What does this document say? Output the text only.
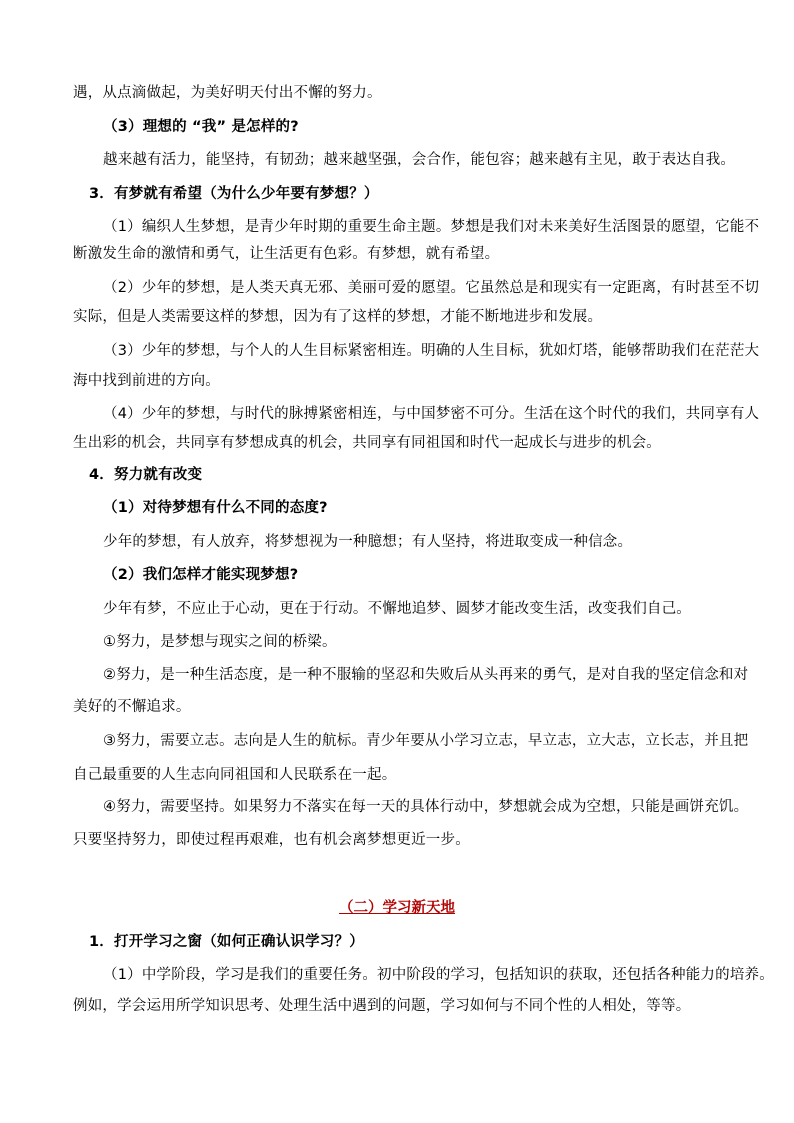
遇，从点滴做起，为美好明天付出不懈的努力。
（3）理想的 “我” 是怎样的?
越来越有活力，能坚持，有韧劲；越来越坚强，会合作，能包容；越来越有主见，敢于表达自我。
3．有梦就有希望（为什么少年要有梦想？）
（1）编织人生梦想，是青少年时期的重要生命主题。梦想是我们对未来美好生活图景的愿望，它能不
断激发生命的激情和勇气，让生活更有色彩。有梦想，就有希望。
（2）少年的梦想，是人类天真无邪、美丽可爱的愿望。它虽然总是和现实有一定距离，有时甚至不切
实际，但是人类需要这样的梦想，因为有了这样的梦想，才能不断地进步和发展。
（3）少年的梦想，与个人的人生目标紧密相连。明确的人生目标，犹如灯塔，能够帮助我们在茫茫大
海中找到前进的方向。
（4）少年的梦想，与时代的脉搏紧密相连，与中国梦密不可分。生活在这个时代的我们，共同享有人
生出彩的机会，共同享有梦想成真的机会，共同享有同祖国和时代一起成长与进步的机会。
4．努力就有改变
（1）对待梦想有什么不同的态度?
少年的梦想，有人放弃，将梦想视为一种臆想；有人坚持，将进取变成一种信念。
（2）我们怎样才能实现梦想?
少年有梦，不应止于心动，更在于行动。不懈地追梦、圆梦才能改变生活，改变我们自己。
①努力，是梦想与现实之间的桥梁。
②努力，是一种生活态度，是一种不服输的坚忍和失败后从头再来的勇气，是对自我的坚定信念和对
美好的不懈追求。
③努力，需要立志。志向是人生的航标。青少年要从小学习立志，早立志，立大志，立长志，并且把
自己最重要的人生志向同祖国和人民联系在一起。
④努力，需要坚持。如果努力不落实在每一天的具体行动中，梦想就会成为空想，只能是画饼充饥。
只要坚持努力，即使过程再艰难，也有机会离梦想更近一步。
（二）学习新天地
1．打开学习之窗（如何正确认识学习？）
（1）中学阶段，学习是我们的重要任务。初中阶段的学习，包括知识的获取，还包括各种能力的培养。
例如，学会运用所学知识思考、处理生活中遇到的问题，学习如何与不同个性的人相处，等等。
